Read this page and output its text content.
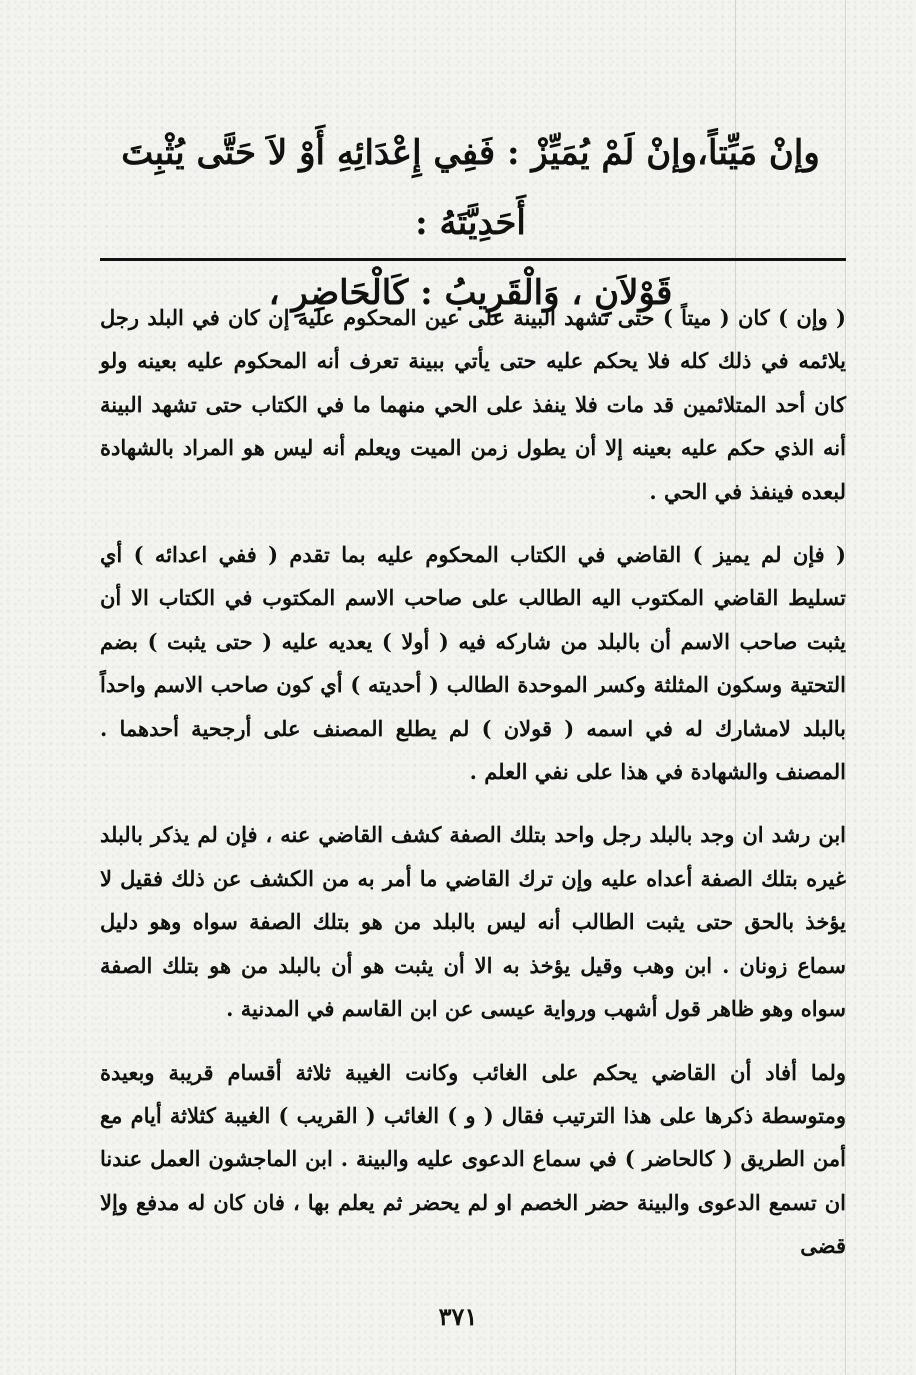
وإنْ مَيِّتاً،وإنْ لَمْ يُمَيِّزْ : فَفِي إِعْدَائِهِ أَوْ لاَ حَتَّى يُثْبِتَ أَحَدِيَّتَهُ :

قَوْلاَنِ ، وَالْقَرِيبُ : كَالْحَاضِرِ ،

( وإن ) كان ( ميتاً ) حتى تشهد البينة على عين المحكوم عليه إن كان في البلد رجل يلائمه في ذلك كله فلا يحكم عليه حتى يأتي ببينة تعرف أنه المحكوم عليه بعينه ولو كان أحد المتلائمين قد مات فلا ينفذ على الحي منهما ما في الكتاب حتى تشهد البينة أنه الذي حكم عليه بعينه إلا أن يطول زمن الميت ويعلم أنه ليس هو المراد بالشهادة لبعده فينفذ في الحي .

( فإن لم يميز ) القاضي في الكتاب المحكوم عليه بما تقدم ( ففي اعدائه ) أي تسليط القاضي المكتوب اليه الطالب على صاحب الاسم المكتوب في الكتاب الا أن يثبت صاحب الاسم أن بالبلد من شاركه فيه ( أولا ) يعديه عليه ( حتى يثبت ) بضم التحتية وسكون المثلثة وكسر الموحدة الطالب ( أحديته ) أي كون صاحب الاسم واحداً بالبلد لامشارك له في اسمه ( قولان ) لم يطلع المصنف على أرجحية أحدهما . المصنف والشهادة في هذا على نفي العلم .

ابن رشد ان وجد بالبلد رجل واحد بتلك الصفة كشف القاضي عنه ، فإن لم يذكر بالبلد غيره بتلك الصفة أعداه عليه وإن ترك القاضي ما أمر به من الكشف عن ذلك فقيل لا يؤخذ بالحق حتى يثبت الطالب أنه ليس بالبلد من هو بتلك الصفة سواه وهو دليل سماع زونان . ابن وهب وقيل يؤخذ به الا أن يثبت هو أن بالبلد من هو بتلك الصفة سواه وهو ظاهر قول أشهب ورواية عيسى عن ابن القاسم في المدنية .

ولما أفاد أن القاضي يحكم على الغائب وكانت الغيبة ثلاثة أقسام قريبة وبعيدة ومتوسطة ذكرها على هذا الترتيب فقال ( و ) الغائب ( القريب ) الغيبة كثلاثة أيام مع أمن الطريق ( كالحاضر ) في سماع الدعوى عليه والبينة . ابن الماجشون العمل عندنا ان تسمع الدعوى والبينة حضر الخصم او لم يحضر ثم يعلم بها ، فان كان له مدفع وإلا قضى

٣٧١
